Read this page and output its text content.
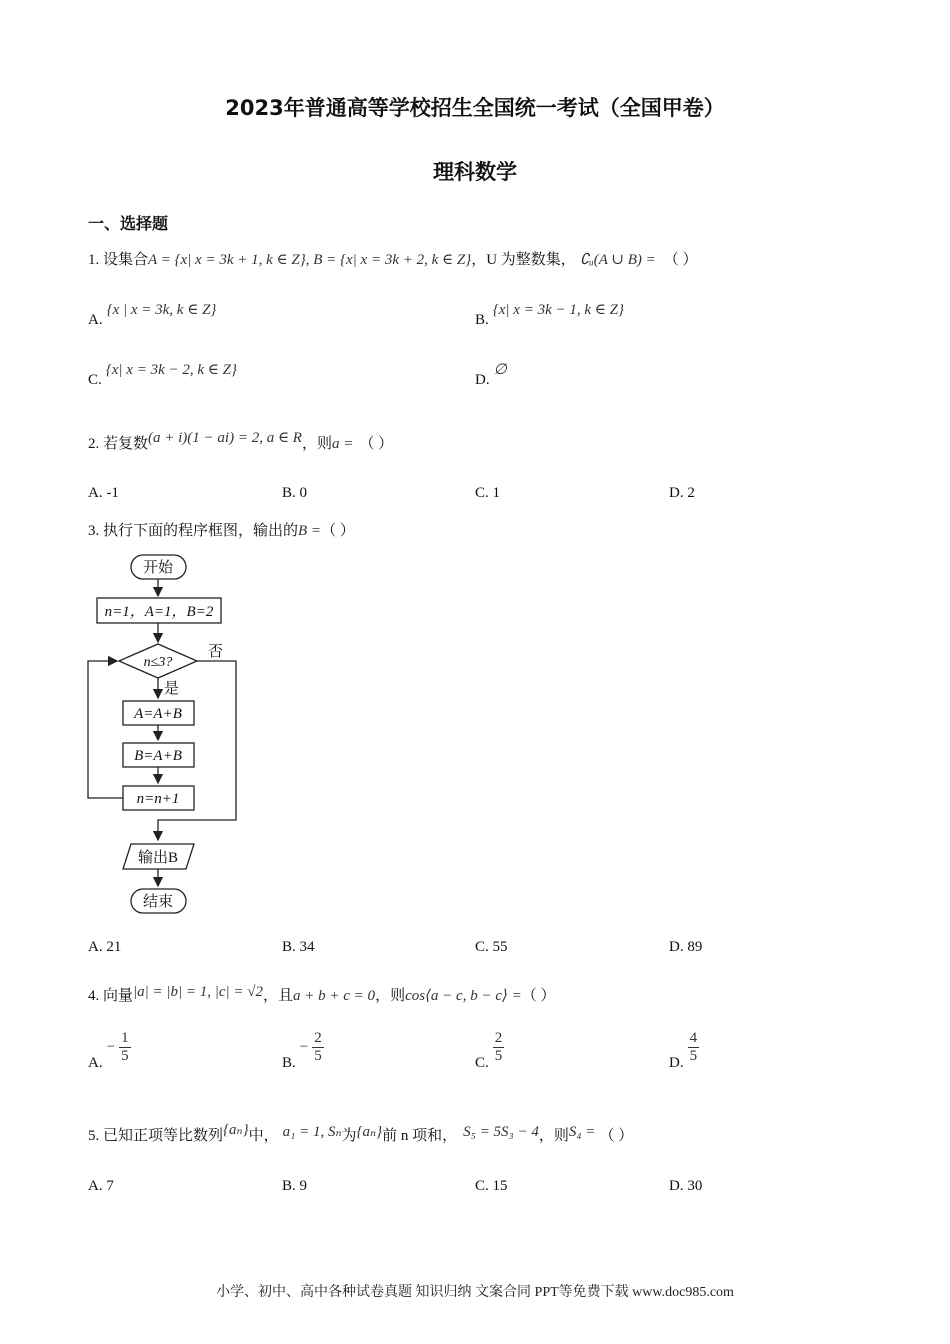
2023年普通高等学校招生全国统一考试（全国甲卷）
理科数学
一、选择题
1. 设集合A = {x| x = 3k + 1, k ∈ Z}, B = {x| x = 3k + 2, k ∈ Z}，U 为整数集， ∁ᵤ(A ∪ B) = （ ）
A. {x | x = 3k, k ∈ Z}
B. {x| x = 3k − 1, k ∈ Z}
C. {x| x = 3k − 2, k ∈ Z}
D. ∅
2. 若复数(a + i)(1 − ai) = 2, a ∈ R，则a = （ ）
A. -1	B. 0	C. 1	D. 2
3. 执行下面的程序框图，输出的B =（ ）
开始
n=1，A=1，B=2
n≤3?
否
是
A=A+B
B=A+B
n=n+1
输出B
结束
A. 21	B. 34	C. 55	D. 89
4. 向量|a| = |b| = 1, |c| = √2，且a + b + c = 0，则cos⟨a − c, b − c⟩ =（ ）
A. − $\frac{1}{5}$	B. − $\frac{2}{5}$	C. $\frac{2}{5}$	D. $\frac{4}{5}$
5. 已知正项等比数列{aₙ}中， a₁ = 1, Sₙ为{aₙ}前 n 项和， S₅ = 5S₃ − 4，则S₄ = （ ）
A. 7	B. 9	C. 15	D. 30
小学、初中、高中各种试卷真题 知识归纳 文案合同 PPT等免费下载 www.doc985.com
